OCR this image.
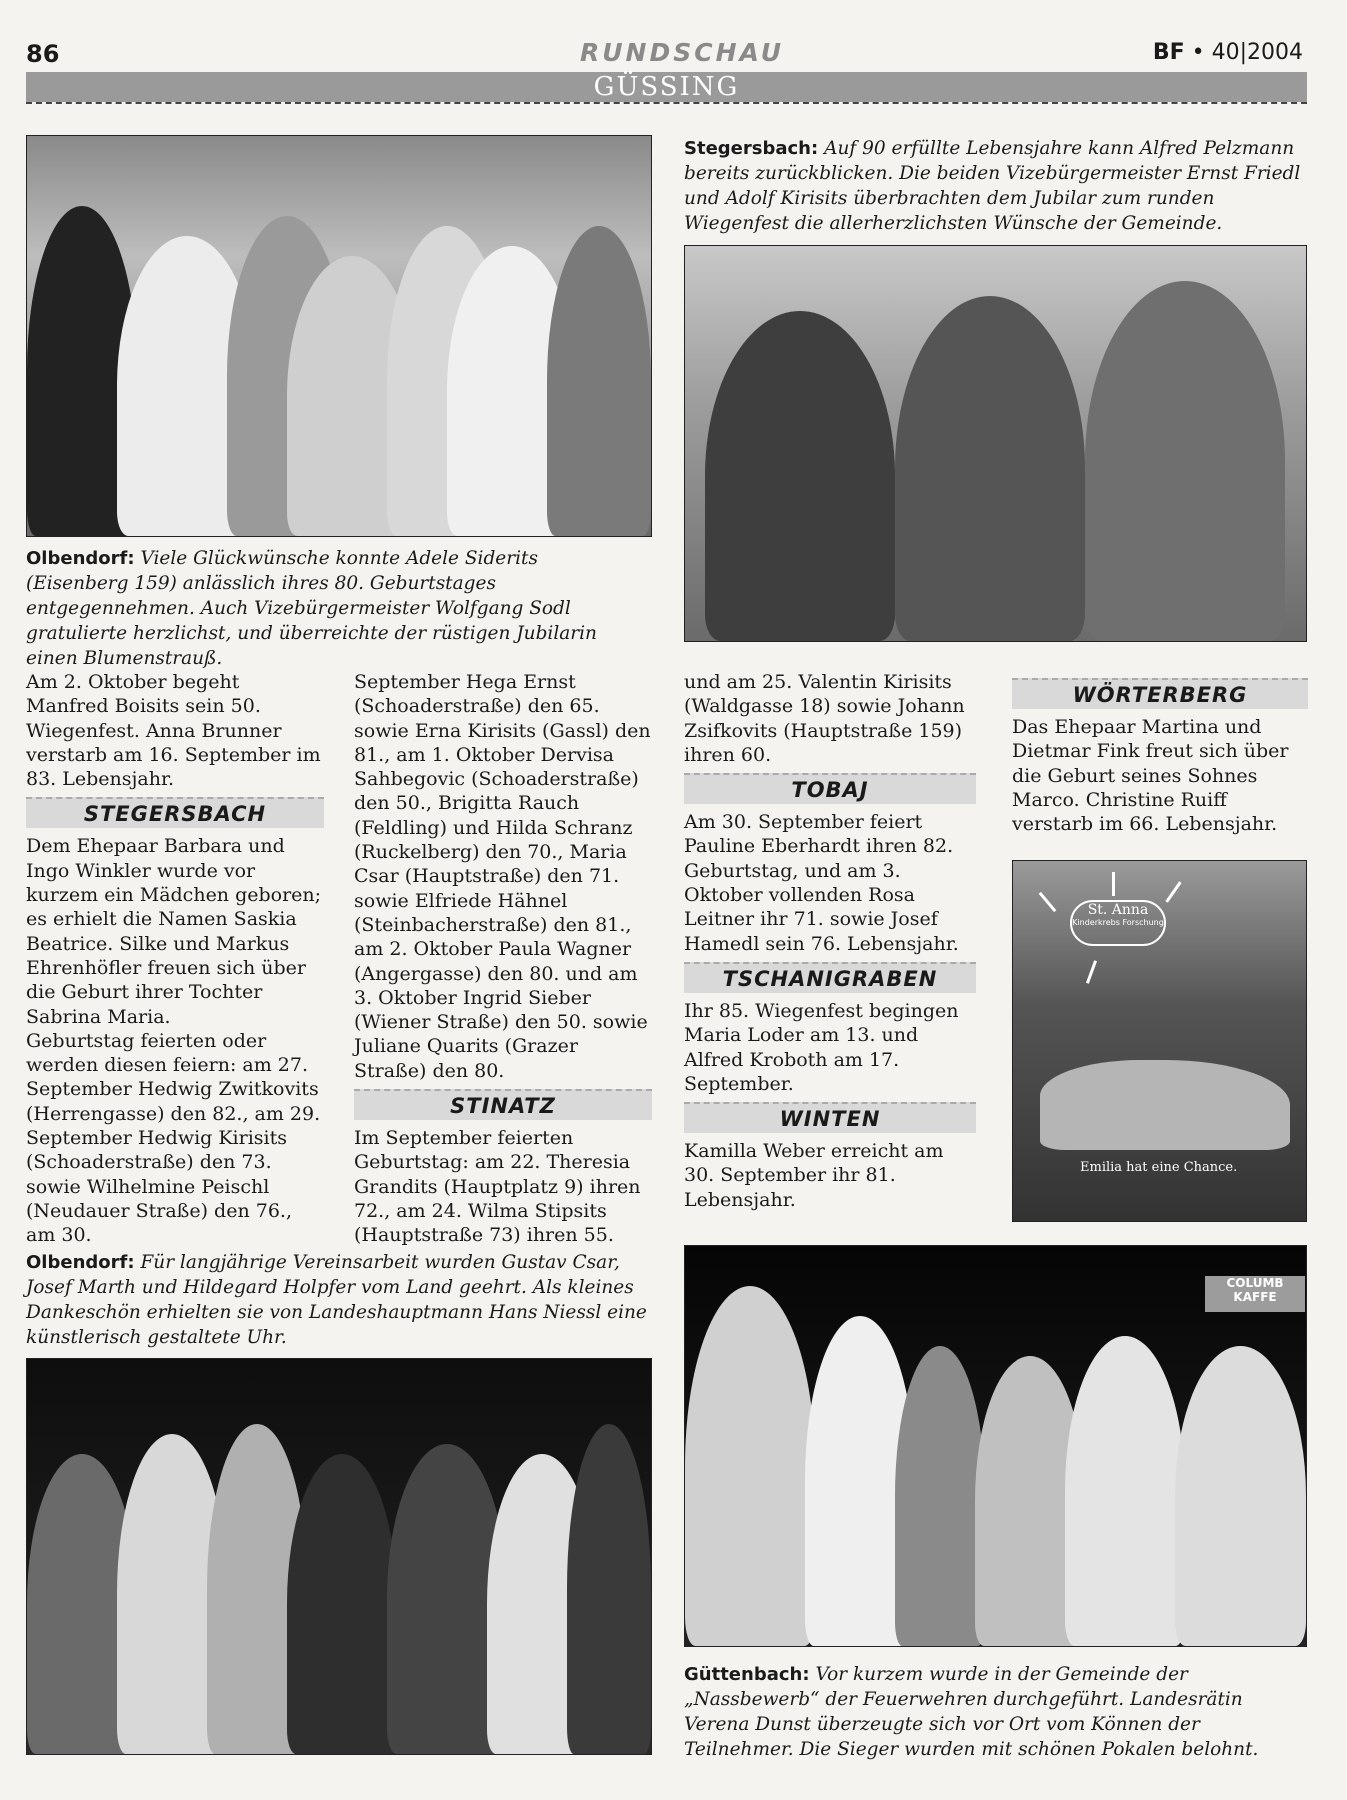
86	RUNDSCHAU	BF • 40|2004
GÜSSING
Olbendorf: Viele Glückwünsche konnte Adele Siderits (Eisenberg 159) anlässlich ihres 80. Geburtstages entgegennehmen. Auch Vizebürgermeister Wolfgang Sodl gratulierte herzlichst, und überreichte der rüstigen Jubilarin einen Blumenstrauß.
Stegersbach: Auf 90 erfüllte Lebensjahre kann Alfred Pelzmann bereits zurückblicken. Die beiden Vizebürgermeister Ernst Friedl und Adolf Kirisits überbrachten dem Jubilar zum runden Wiegenfest die allerherzlichsten Wünsche der Gemeinde.

Am 2. Oktober begeht Manfred Boisits sein 50. Wiegenfest. Anna Brunner verstarb am 16. September im 83. Lebensjahr.

STEGERSBACH

Dem Ehepaar Barbara und Ingo Winkler wurde vor kurzem ein Mädchen geboren; es erhielt die Namen Saskia Beatrice. Silke und Markus Ehrenhöfler freuen sich über die Geburt ihrer Tochter Sabrina Maria.

Geburtstag feierten oder werden diesen feiern: am 27. September Hedwig Zwitkovits (Herrengasse) den 82., am 29. September Hedwig Kirisits (Schoaderstraße) den 73. sowie Wilhelmine Peischl (Neudauer Straße) den 76., am 30.

September Hega Ernst (Schoaderstraße) den 65. sowie Erna Kirisits (Gassl) den 81., am 1. Oktober Dervisa Sahbegovic (Schoaderstraße) den 50., Brigitta Rauch (Feldling) und Hilda Schranz (Ruckelberg) den 70., Maria Csar (Hauptstraße) den 71. sowie Elfriede Hähnel (Steinbacherstraße) den 81., am 2. Oktober Paula Wagner (Angergasse) den 80. und am 3. Oktober Ingrid Sieber (Wiener Straße) den 50. sowie Juliane Quarits (Grazer Straße) den 80.

STINATZ

Im September feierten Geburtstag: am 22. Theresia Grandits (Hauptplatz 9) ihren 72., am 24. Wilma Stipsits (Hauptstraße 73) ihren 55.

und am 25. Valentin Kirisits (Waldgasse 18) sowie Johann Zsifkovits (Hauptstraße 159) ihren 60.

TOBAJ

Am 30. September feiert Pauline Eberhardt ihren 82. Geburtstag, und am 3. Oktober vollenden Rosa Leitner ihr 71. sowie Josef Hamedl sein 76. Lebensjahr.

TSCHANIGRABEN

Ihr 85. Wiegenfest begingen Maria Loder am 13. und Alfred Kroboth am 17. September.

WINTEN

Kamilla Weber erreicht am 30. September ihr 81. Lebensjahr.

WÖRTERBERG

Das Ehepaar Martina und Dietmar Fink freut sich über die Geburt seines Sohnes Marco. Christine Ruiff verstarb im 66. Lebensjahr.

St. Anna
Kinderkrebs Forschung
Emilia hat eine Chance.
Olbendorf: Für langjährige Vereinsarbeit wurden Gustav Csar, Josef Marth und Hildegard Holpfer vom Land geehrt. Als kleines Dankeschön erhielten sie von Landeshauptmann Hans Niessl eine künstlerisch gestaltete Uhr.
COLUMB KAFFE
Güttenbach: Vor kurzem wurde in der Gemeinde der „Nassbewerb“ der Feuerwehren durchgeführt. Landesrätin Verena Dunst überzeugte sich vor Ort vom Können der Teilnehmer. Die Sieger wurden mit schönen Pokalen belohnt.
